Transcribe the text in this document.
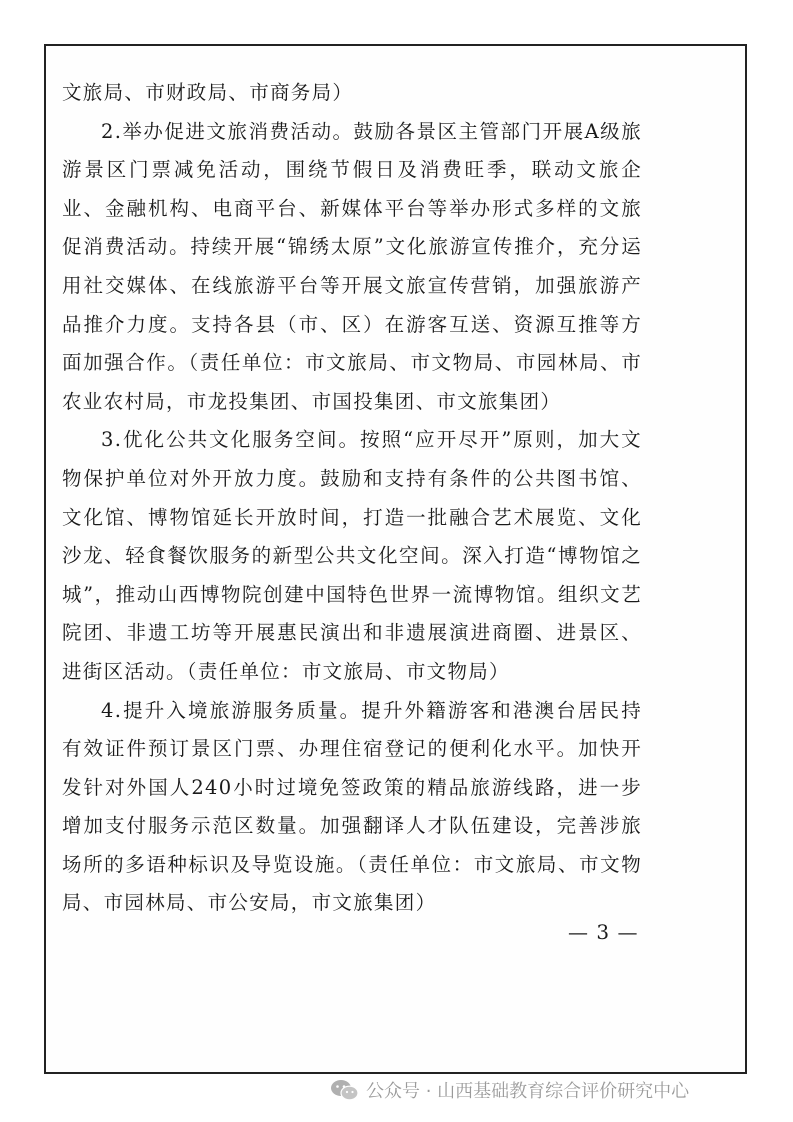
文旅局、市财政局、市商务局）

2.举办促进文旅消费活动。鼓励各景区主管部门开展A级旅游景区门票减免活动，围绕节假日及消费旺季，联动文旅企业、金融机构、电商平台、新媒体平台等举办形式多样的文旅促消费活动。持续开展“锦绣太原”文化旅游宣传推介，充分运用社交媒体、在线旅游平台等开展文旅宣传营销，加强旅游产品推介力度。支持各县（市、区）在游客互送、资源互推等方面加强合作。（责任单位：市文旅局、市文物局、市园林局、市农业农村局，市龙投集团、市国投集团、市文旅集团）

3.优化公共文化服务空间。按照“应开尽开”原则，加大文物保护单位对外开放力度。鼓励和支持有条件的公共图书馆、文化馆、博物馆延长开放时间，打造一批融合艺术展览、文化沙龙、轻食餐饮服务的新型公共文化空间。深入打造“博物馆之城”，推动山西博物院创建中国特色世界一流博物馆。组织文艺院团、非遗工坊等开展惠民演出和非遗展演进商圈、进景区、进街区活动。（责任单位：市文旅局、市文物局）

4.提升入境旅游服务质量。提升外籍游客和港澳台居民持有效证件预订景区门票、办理住宿登记的便利化水平。加快开发针对外国人240小时过境免签政策的精品旅游线路，进一步增加支付服务示范区数量。加强翻译人才队伍建设，完善涉旅场所的多语种标识及导览设施。（责任单位：市文旅局、市文物局、市园林局、市公安局，市文旅集团）

— 3 —
公众号 · 山西基础教育综合评价研究中心
